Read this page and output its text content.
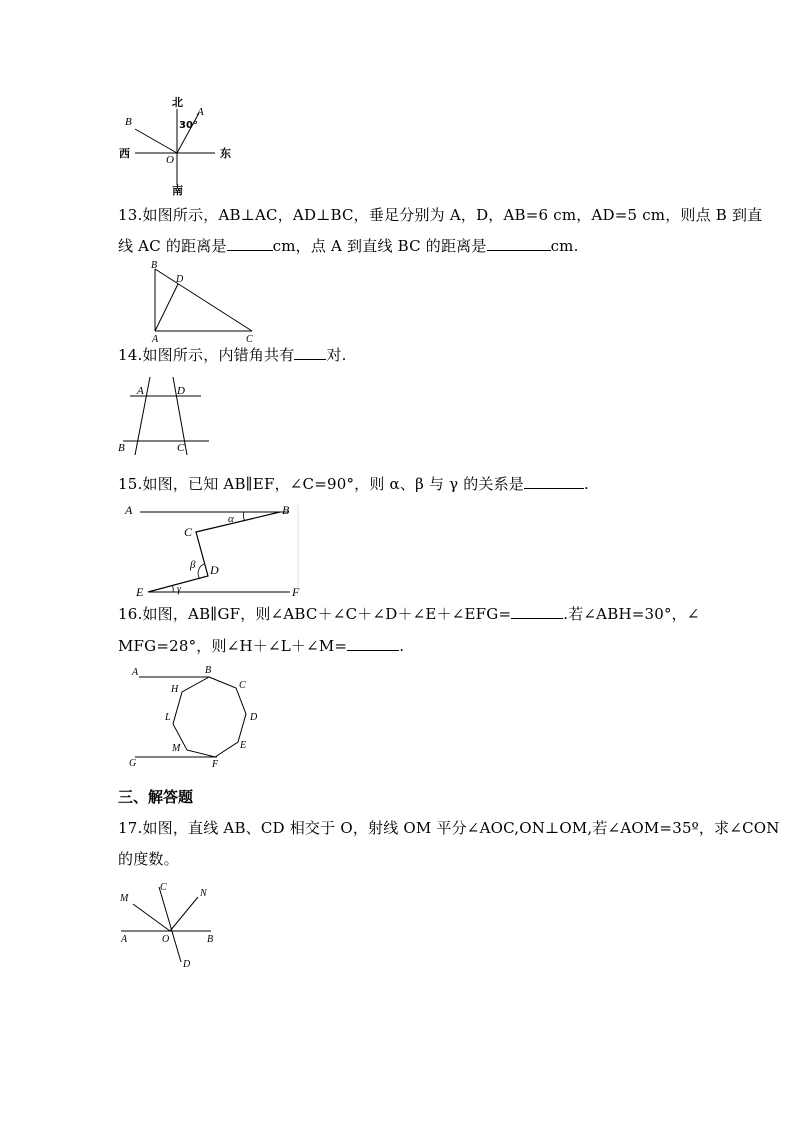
北
南
西	东
B
A
O
30°
13.如图所示，AB⊥AC，AD⊥BC，垂足分别为 A，D，AB=6 cm，AD=5 cm，则点 B 到直
线 AC 的距离是	cm，点 A 到直线 BC 的距离是	cm.
B
D
A	C
14.如图所示，内错角共有 对.
A	D
B	C
15.如图，已知 AB∥EF，∠C=90°，则 α、β 与 γ 的关系是	.
A	B
C
D
E	F
α
β
γ
16.如图，AB∥GF，则∠ABC＋∠C＋∠D＋∠E＋∠EFG=	.若∠ABH=30°，∠
MFG=28°，则∠H＋∠L＋∠M=	.
A	B
C
D
E
F
G
H
L
M
三、解答题
17.如图，直线 AB、CD 相交于 O，射线 OM 平分∠AOC,ON⊥OM,若∠AOM=35º，求∠CON
的度数。
M
C
N
A	O	B
D
